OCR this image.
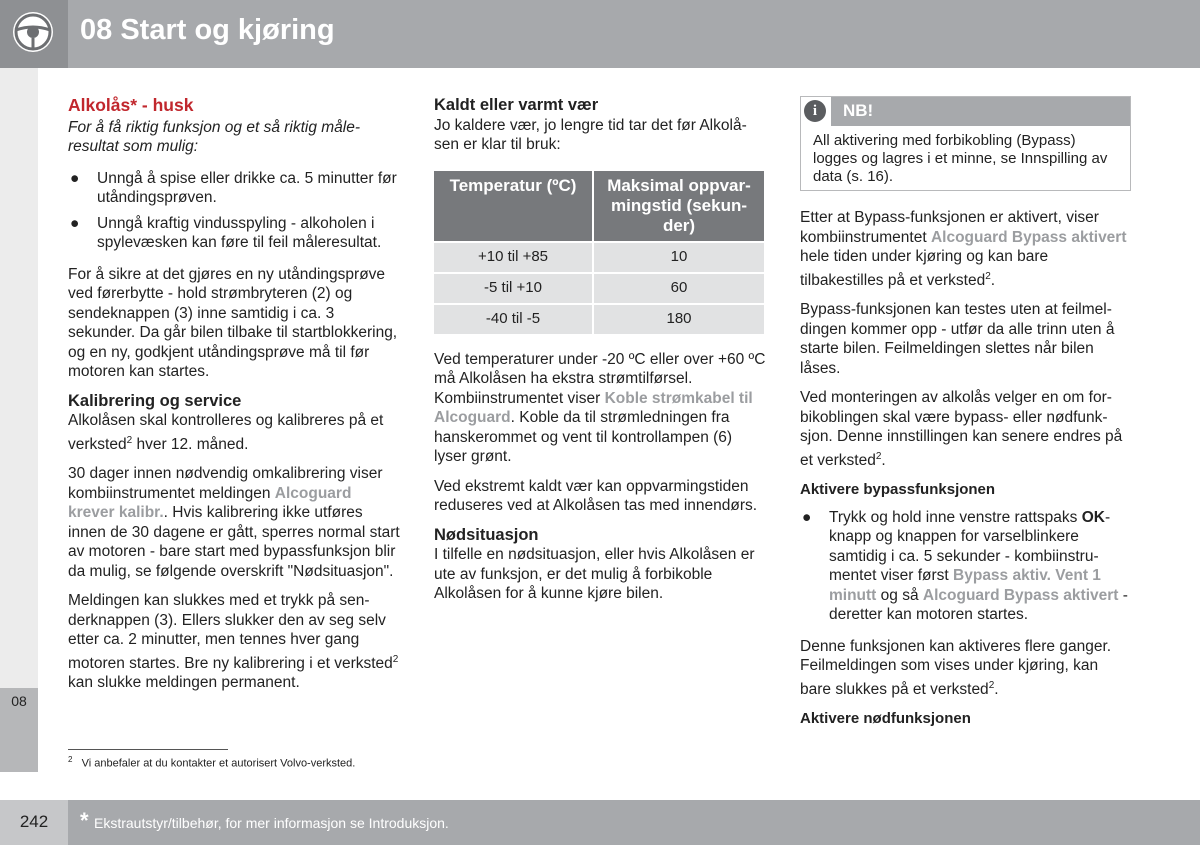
08 Start og kjøring
08
Alkolås* - husk

For å få riktig funksjon og et så riktig måleresultat som mulig:

● Unngå å spise eller drikke ca. 5 minutter før utåndingsprøven.
● Unngå kraftig vindusspyling - alkoholen i spylevæsken kan føre til feil måleresultat.

For å sikre at det gjøres en ny utåndingsprøve ved førerbytte - hold strømbryteren (2) og sendeknappen (3) inne samtidig i ca. 3 sekunder. Da går bilen tilbake til startblokkering, og en ny, godkjent utåndingsprøve må til før motoren kan startes.

Kalibrering og service

Alkolåsen skal kontrolleres og kalibreres på et verksted$^2$ hver 12. måned.

30 dager innen nødvendig omkalibrering viser kombiinstrumentet meldingen Alcoguard krever kalibr.. Hvis kalibrering ikke utføres innen de 30 dagene er gått, sperres normal start av motoren - bare start med bypassfunksjon blir da mulig, se følgende overskrift "Nødsituasjon".

Meldingen kan slukkes med et trykk på senderknappen (3). Ellers slukker den av seg selv etter ca. 2 minutter, men tennes hver gang motoren startes. Bre ny kalibrering i et verksted$^2$ kan slukke meldingen permanent.

Kaldt eller varmt vær

Jo kaldere vær, jo lengre tid tar det før Alkolåsen er klar til bruk:

Temperatur (ºC)	Maksimal oppvarmingstid (sekunder)
+10 til +85	10
-5 til +10	60
-40 til -5	180

Ved temperaturer under -20 ºC eller over +60 ºC må Alkolåsen ha ekstra strømtilførsel. Kombiinstrumentet viser Koble strømkabel til Alcoguard. Koble da til strømledningen fra hanskerommet og vent til kontrollampen (6) lyser grønt.

Ved ekstremt kaldt vær kan oppvarmingstiden reduseres ved at Alkolåsen tas med innendørs.

Nødsituasjon

I tilfelle en nødsituasjon, eller hvis Alkolåsen er ute av funksjon, er det mulig å forbikoble Alkolåsen for å kunne kjøre bilen.

i	NB!
All aktivering med forbikobling (Bypass) logges og lagres i et minne, se Innspilling av data (s. 16).

Etter at Bypass-funksjonen er aktivert, viser kombiinstrumentet Alcoguard Bypass aktivert hele tiden under kjøring og kan bare tilbakestilles på et verksted$^2$.

Bypass-funksjonen kan testes uten at feilmeldingen kommer opp - utfør da alle trinn uten å starte bilen. Feilmeldingen slettes når bilen låses.

Ved monteringen av alkolås velger en om forbikoblingen skal være bypass- eller nødfunksjon. Denne innstillingen kan senere endres på et verksted$^2$.

Aktivere bypassfunksjonen
● Trykk og hold inne venstre rattspaks OK-knapp og knappen for varselblinkere samtidig i ca. 5 sekunder - kombiinstrumentet viser først Bypass aktiv. Vent 1 minutt og så Alcoguard Bypass aktivert - deretter kan motoren startes.

Denne funksjonen kan aktiveres flere ganger. Feilmeldingen som vises under kjøring, kan bare slukkes på et verksted$^2$.

Aktivere nødfunksjonen
$^2$ Vi anbefaler at du kontakter et autorisert Volvo-verksted.
242	* Ekstrautstyr/tilbehør, for mer informasjon se Introduksjon.
